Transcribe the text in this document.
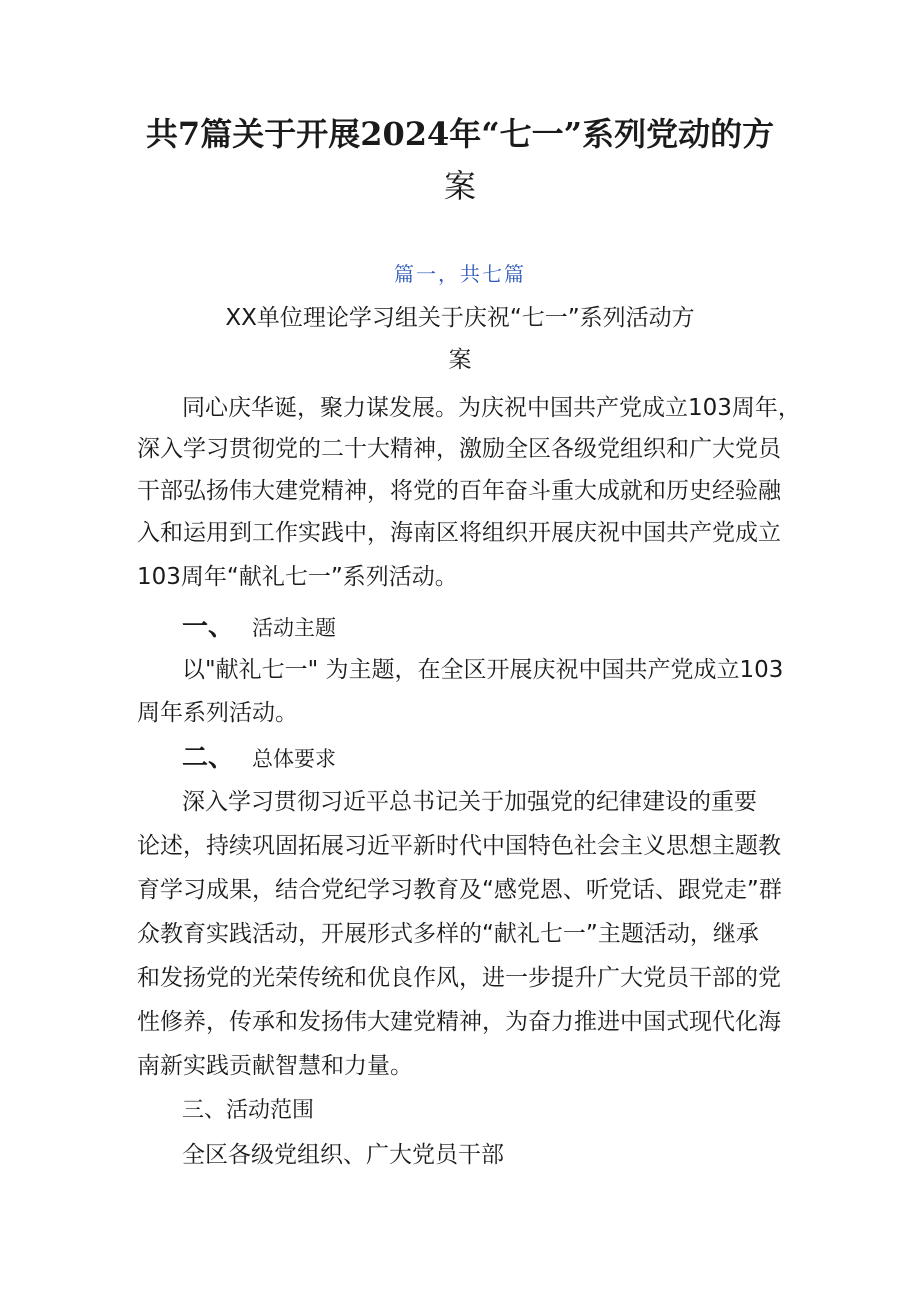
共7篇关于开展2024年“七一”系列党动的方
案
篇一，共七篇
XX单位理论学习组关于庆祝“七一”系列活动方
案
同心庆华诞，聚力谋发展。为庆祝中国共产党成立103周年，
深入学习贯彻党的二十大精神，激励全区各级党组织和广大党员
干部弘扬伟大建党精神，将党的百年奋斗重大成就和历史经验融
入和运用到工作实践中，海南区将组织开展庆祝中国共产党成立
103周年“献礼七一”系列活动。
一、 活动主题
以"献礼七一" 为主题，在全区开展庆祝中国共产党成立103
周年系列活动。
二、 总体要求
深入学习贯彻习近平总书记关于加强党的纪律建设的重要
论述，持续巩固拓展习近平新时代中国特色社会主义思想主题教
育学习成果，结合党纪学习教育及“感党恩、听党话、跟党走”群
众教育实践活动，开展形式多样的“献礼七一”主题活动，继承
和发扬党的光荣传统和优良作风，进一步提升广大党员干部的党
性修养，传承和发扬伟大建党精神，为奋力推进中国式现代化海
南新实践贡献智慧和力量。
三、活动范围
全区各级党组织、广大党员干部
